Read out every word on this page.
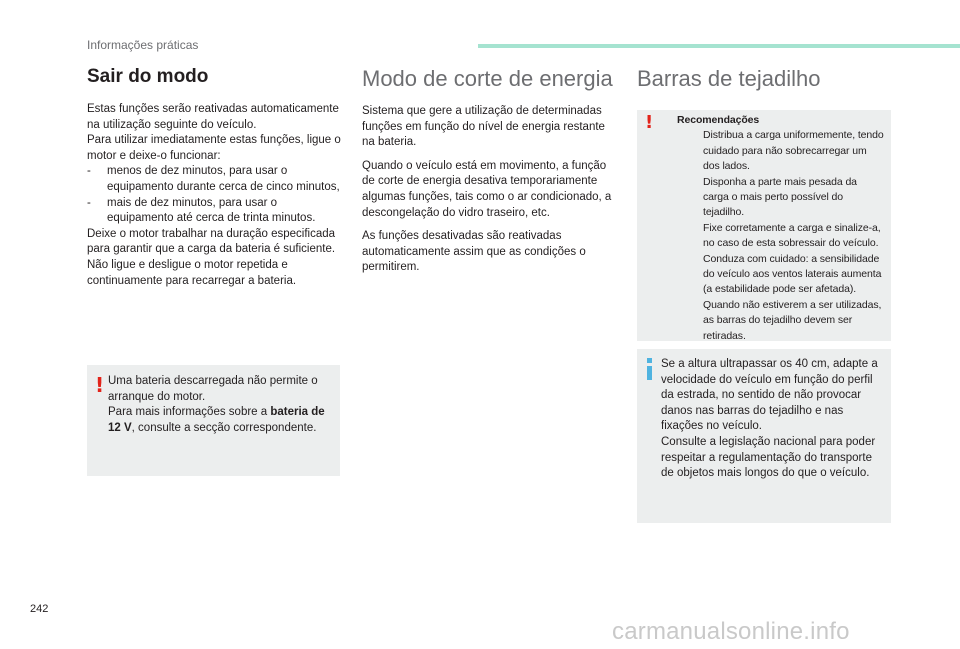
Informações práticas
Sair do modo

Estas funções serão reativadas automaticamente na utilização seguinte do veículo.

Para utilizar imediatamente estas funções, ligue o motor e deixe-o funcionar:

-	menos de dez minutos, para usar o equipamento durante cerca de cinco minutos,
-	mais de dez minutos, para usar o equipamento até cerca de trinta minutos.

Deixe o motor trabalhar na duração especificada para garantir que a carga da bateria é suficiente.

Não ligue e desligue o motor repetida e continuamente para recarregar a bateria.

Uma bateria descarregada não permite o arranque do motor.

Para mais informações sobre a bateria de 12 V, consulte a secção correspondente.

!
Modo de corte de energia

Sistema que gere a utilização de determinadas funções em função do nível de energia restante na bateria.

Quando o veículo está em movimento, a função de corte de energia desativa temporariamente algumas funções, tais como o ar condicionado, a descongelação do vidro traseiro, etc.

As funções desativadas são reativadas automaticamente assim que as condições o permitirem.

Barras de tejadilho
Recomendações
Distribua a carga uniformemente, tendo cuidado para não sobrecarregar um dos lados.
Disponha a parte mais pesada da carga o mais perto possível do tejadilho.
Fixe corretamente a carga e sinalize-a, no caso de esta sobressair do veículo.
Conduza com cuidado: a sensibilidade do veículo aos ventos laterais aumenta (a estabilidade pode ser afetada).
Quando não estiverem a ser utilizadas, as barras do tejadilho devem ser retiradas.
!

Se a altura ultrapassar os 40 cm, adapte a velocidade do veículo em função do perfil da estrada, no sentido de não provocar danos nas barras do tejadilho e nas fixações no veículo.

Consulte a legislação nacional para poder respeitar a regulamentação do transporte de objetos mais longos do que o veículo.

242
carmanualsonline.info
